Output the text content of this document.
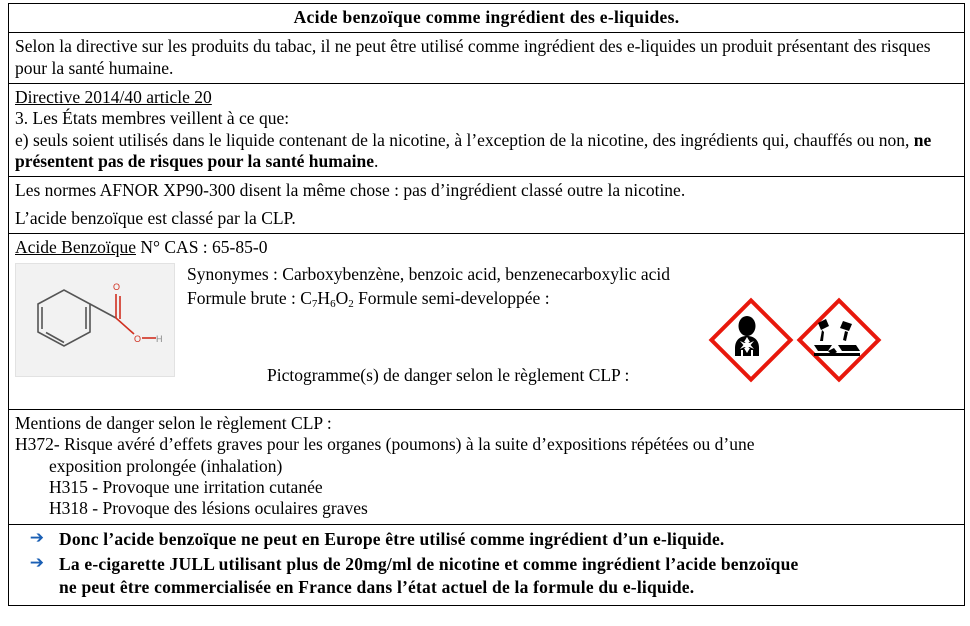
Acide benzoïque comme ingrédient des e-liquides.
Selon la directive sur les produits du tabac, il ne peut être utilisé comme ingrédient des e-liquides un produit présentant des risques pour la santé humaine.

Directive 2014/40 article 20
3. Les États membres veillent à ce que:
e) seuls soient utilisés dans le liquide contenant de la nicotine, à l’exception de la nicotine, des ingrédients qui, chauffés ou non, ne présentent pas de risques pour la santé humaine.

Les normes AFNOR XP90-300 disent la même chose : pas d’ingrédient classé outre la nicotine.
L’acide benzoïque est classé par la CLP.

Acide Benzoïque N° CAS : 65-85-0
O
O H
Synonymes : Carboxybenzène, benzoic acid, benzenecarboxylic acid
Formule brute : $C_7H_6O_2$ Formule semi-developpée :
Pictogramme(s) de danger selon le règlement CLP :

Mentions de danger selon le règlement CLP :
H372- Risque avéré d’effets graves pour les organes (poumons) à la suite d’expositions répétées ou d’une
exposition prolongée (inhalation)
H315 - Provoque une irritation cutanée
H318 - Provoque des lésions oculaires graves

➔ Donc l’acide benzoïque ne peut en Europe être utilisé comme ingrédient d’un e-liquide.
➔ La e-cigarette JULL utilisant plus de 20mg/ml de nicotine et comme ingrédient l’acide benzoïque
ne peut être commercialisée en France dans l’état actuel de la formule du e-liquide.
